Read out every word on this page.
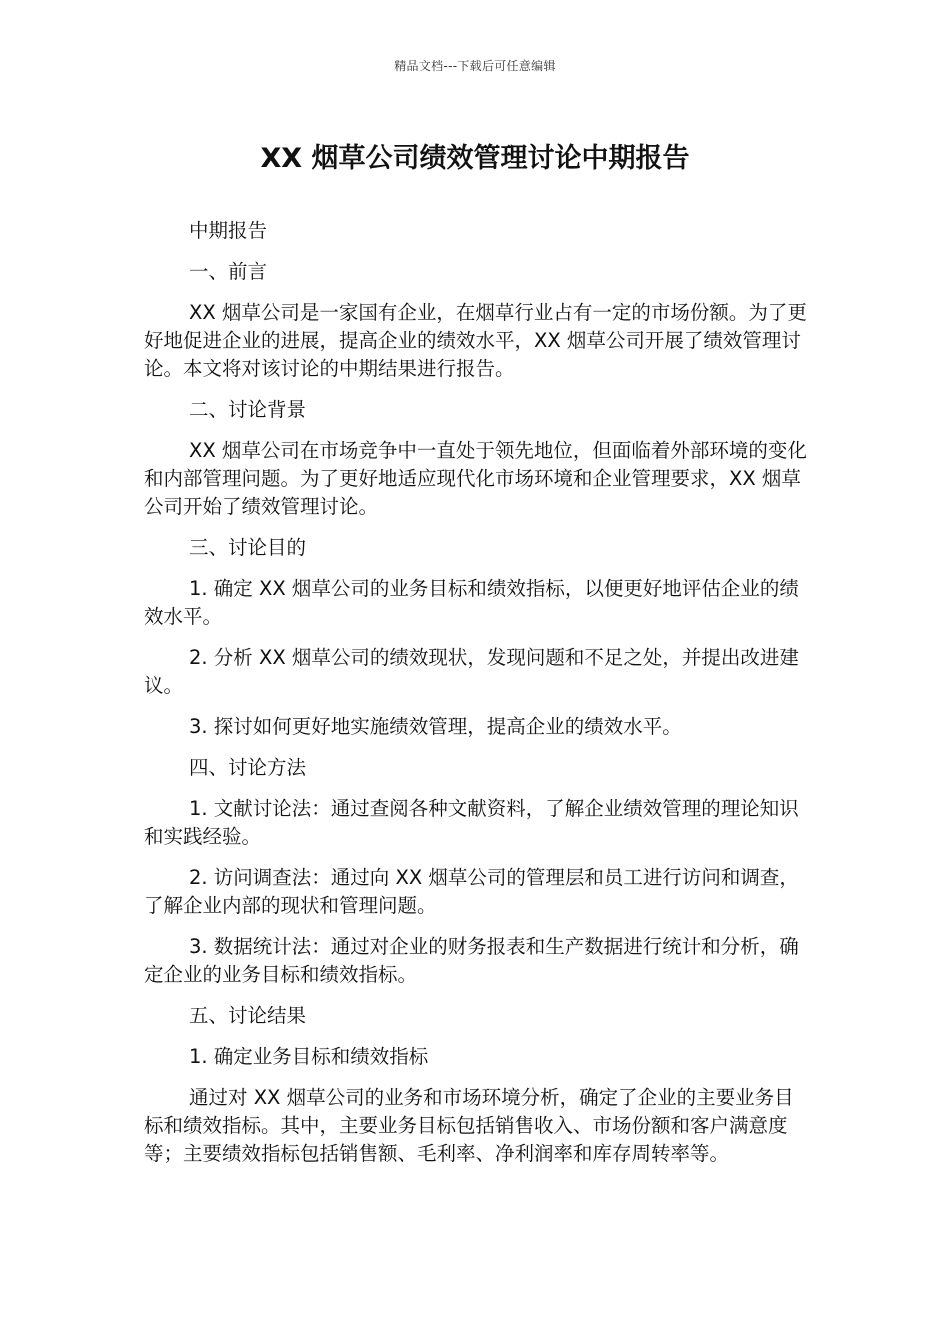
精品文档---下载后可任意编辑
XX 烟草公司绩效管理讨论中期报告

中期报告

一、前言

XX 烟草公司是一家国有企业，在烟草行业占有一定的市场份额。为了更好地促进企业的进展，提高企业的绩效水平，XX 烟草公司开展了绩效管理讨论。本文将对该讨论的中期结果进行报告。

二、讨论背景

XX 烟草公司在市场竞争中一直处于领先地位，但面临着外部环境的变化和内部管理问题。为了更好地适应现代化市场环境和企业管理要求，XX 烟草公司开始了绩效管理讨论。

三、讨论目的

1. 确定 XX 烟草公司的业务目标和绩效指标，以便更好地评估企业的绩效水平。

2. 分析 XX 烟草公司的绩效现状，发现问题和不足之处，并提出改进建议。

3. 探讨如何更好地实施绩效管理，提高企业的绩效水平。

四、讨论方法

1. 文献讨论法：通过查阅各种文献资料，了解企业绩效管理的理论知识和实践经验。

2. 访问调查法：通过向 XX 烟草公司的管理层和员工进行访问和调查，了解企业内部的现状和管理问题。

3. 数据统计法：通过对企业的财务报表和生产数据进行统计和分析，确定企业的业务目标和绩效指标。

五、讨论结果

1. 确定业务目标和绩效指标

通过对 XX 烟草公司的业务和市场环境分析，确定了企业的主要业务目标和绩效指标。其中，主要业务目标包括销售收入、市场份额和客户满意度等；主要绩效指标包括销售额、毛利率、净利润率和库存周转率等。
